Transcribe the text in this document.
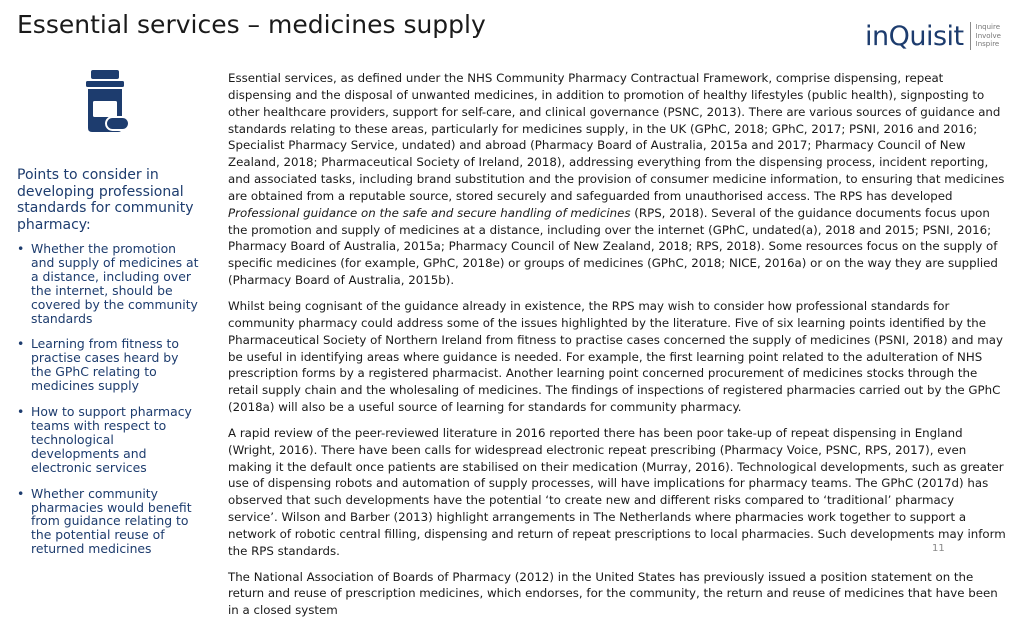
Essential services – medicines supply	inQuisit Inquire
Involve
Inspire
Points to consider in developing professional standards for community pharmacy:
• Whether the promotion and supply of medicines at a distance, including over the internet, should be covered by the community standards
• Learning from fitness to practise cases heard by the GPhC relating to medicines supply
• How to support pharmacy teams with respect to technological developments and electronic services
• Whether community pharmacies would benefit from guidance relating to the potential reuse of returned medicines

Essential services, as defined under the NHS Community Pharmacy Contractual Framework, comprise dispensing, repeat dispensing and the disposal of unwanted medicines, in addition to promotion of healthy lifestyles (public health), signposting to other healthcare providers, support for self-care, and clinical governance (PSNC, 2013). There are various sources of guidance and standards relating to these areas, particularly for medicines supply, in the UK (GPhC, 2018; GPhC, 2017; PSNI, 2016 and 2016; Specialist Pharmacy Service, undated) and abroad (Pharmacy Board of Australia, 2015a and 2017; Pharmacy Council of New Zealand, 2018; Pharmaceutical Society of Ireland, 2018), addressing everything from the dispensing process, incident reporting, and associated tasks, including brand substitution and the provision of consumer medicine information, to ensuring that medicines are obtained from a reputable source, stored securely and safeguarded from unauthorised access. The RPS has developed Professional guidance on the safe and secure handling of medicines (RPS, 2018). Several of the guidance documents focus upon the promotion and supply of medicines at a distance, including over the internet (GPhC, undated(a), 2018 and 2015; PSNI, 2016; Pharmacy Board of Australia, 2015a; Pharmacy Council of New Zealand, 2018; RPS, 2018). Some resources focus on the supply of specific medicines (for example, GPhC, 2018e) or groups of medicines (GPhC, 2018; NICE, 2016a) or on the way they are supplied (Pharmacy Board of Australia, 2015b).

Whilst being cognisant of the guidance already in existence, the RPS may wish to consider how professional standards for community pharmacy could address some of the issues highlighted by the literature. Five of six learning points identified by the Pharmaceutical Society of Northern Ireland from fitness to practise cases concerned the supply of medicines (PSNI, 2018) and may be useful in identifying areas where guidance is needed. For example, the first learning point related to the adulteration of NHS prescription forms by a registered pharmacist. Another learning point concerned procurement of medicines stocks through the retail supply chain and the wholesaling of medicines. The findings of inspections of registered pharmacies carried out by the GPhC (2018a) will also be a useful source of learning for standards for community pharmacy.

A rapid review of the peer-reviewed literature in 2016 reported there has been poor take-up of repeat dispensing in England (Wright, 2016). There have been calls for widespread electronic repeat prescribing (Pharmacy Voice, PSNC, RPS, 2017), even making it the default once patients are stabilised on their medication (Murray, 2016). Technological developments, such as greater use of dispensing robots and automation of supply processes, will have implications for pharmacy teams. The GPhC (2017d) has observed that such developments have the potential ‘to create new and different risks compared to ‘traditional’ pharmacy service’. Wilson and Barber (2013) highlight arrangements in The Netherlands where pharmacies work together to support a network of robotic central filling, dispensing and return of repeat prescriptions to local pharmacies. Such developments may inform the RPS standards.

The National Association of Boards of Pharmacy (2012) in the United States has previously issued a position statement on the return and reuse of prescription medicines, which endorses, for the community, the return and reuse of medicines that have been in a closed system

11
